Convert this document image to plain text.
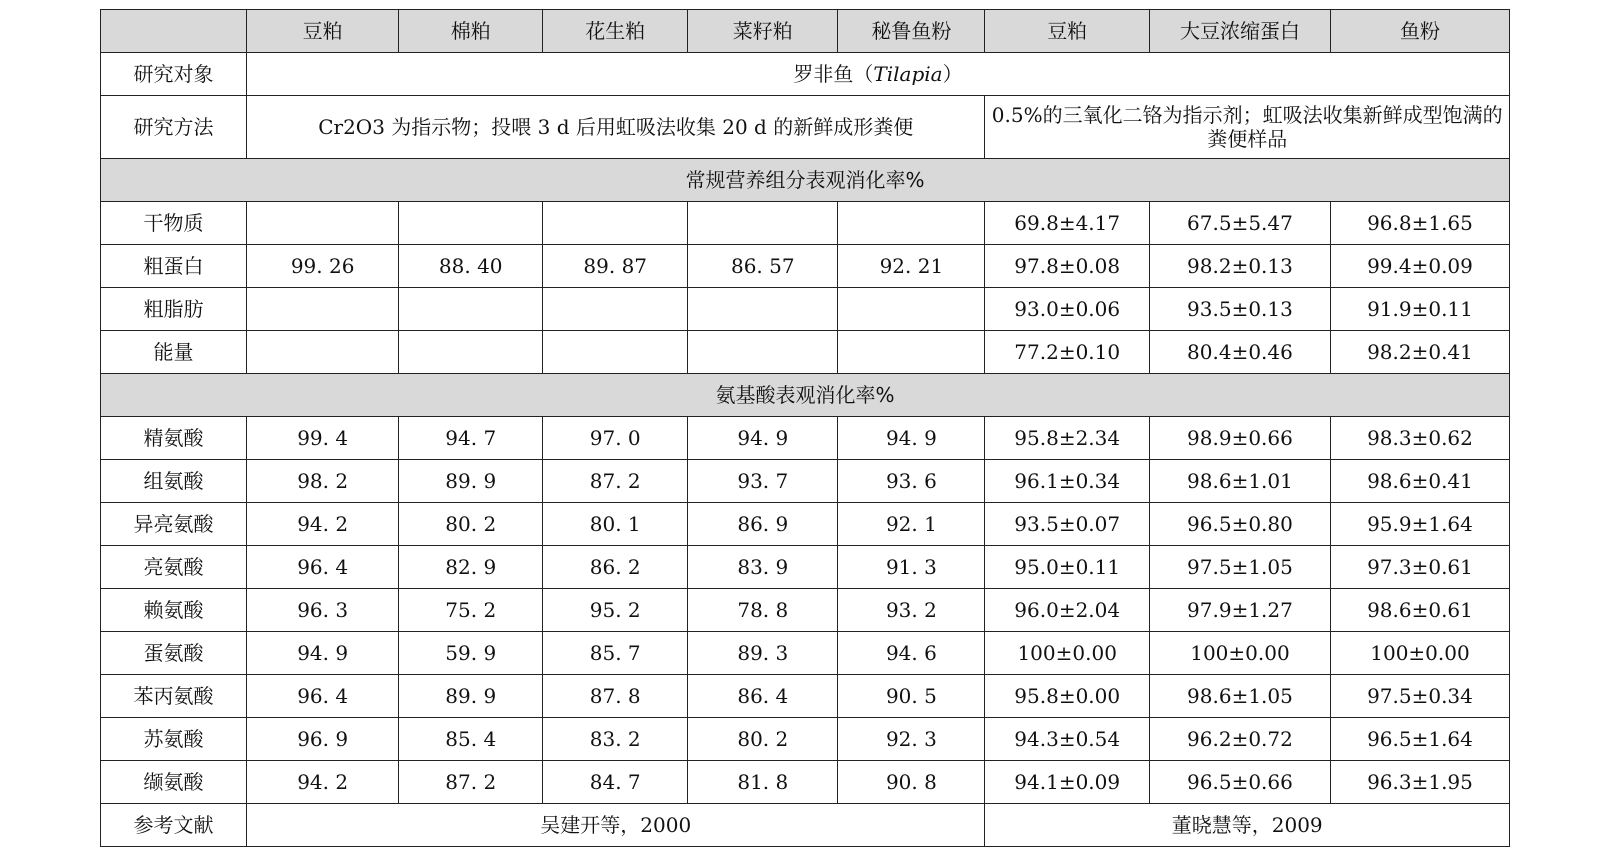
	豆粕	棉粕	花生粕	菜籽粕	秘鲁鱼粉	豆粕	大豆浓缩蛋白	鱼粉
研究对象	罗非鱼（Tilapia）							
研究方法	Cr2O3 为指示物；投喂 3 d 后用虹吸法收集 20 d 的新鲜成形粪便					0.5%的三氧化二铬为指示剂；虹吸法收集新鲜成型饱满的粪便样品		
常规营养组分表观消化率%								
干物质						69.8±4.17	67.5±5.47	96.8±1.65
粗蛋白	99. 26	88. 40	89. 87	86. 57	92. 21	97.8±0.08	98.2±0.13	99.4±0.09
粗脂肪						93.0±0.06	93.5±0.13	91.9±0.11
能量						77.2±0.10	80.4±0.46	98.2±0.41
氨基酸表观消化率%								
精氨酸	99. 4	94. 7	97. 0	94. 9	94. 9	95.8±2.34	98.9±0.66	98.3±0.62
组氨酸	98. 2	89. 9	87. 2	93. 7	93. 6	96.1±0.34	98.6±1.01	98.6±0.41
异亮氨酸	94. 2	80. 2	80. 1	86. 9	92. 1	93.5±0.07	96.5±0.80	95.9±1.64
亮氨酸	96. 4	82. 9	86. 2	83. 9	91. 3	95.0±0.11	97.5±1.05	97.3±0.61
赖氨酸	96. 3	75. 2	95. 2	78. 8	93. 2	96.0±2.04	97.9±1.27	98.6±0.61
蛋氨酸	94. 9	59. 9	85. 7	89. 3	94. 6	100±0.00	100±0.00	100±0.00
苯丙氨酸	96. 4	89. 9	87. 8	86. 4	90. 5	95.8±0.00	98.6±1.05	97.5±0.34
苏氨酸	96. 9	85. 4	83. 2	80. 2	92. 3	94.3±0.54	96.2±0.72	96.5±1.64
缬氨酸	94. 2	87. 2	84. 7	81. 8	90. 8	94.1±0.09	96.5±0.66	96.3±1.95
参考文献	吴建开等，2000					董晓慧等，2009		
